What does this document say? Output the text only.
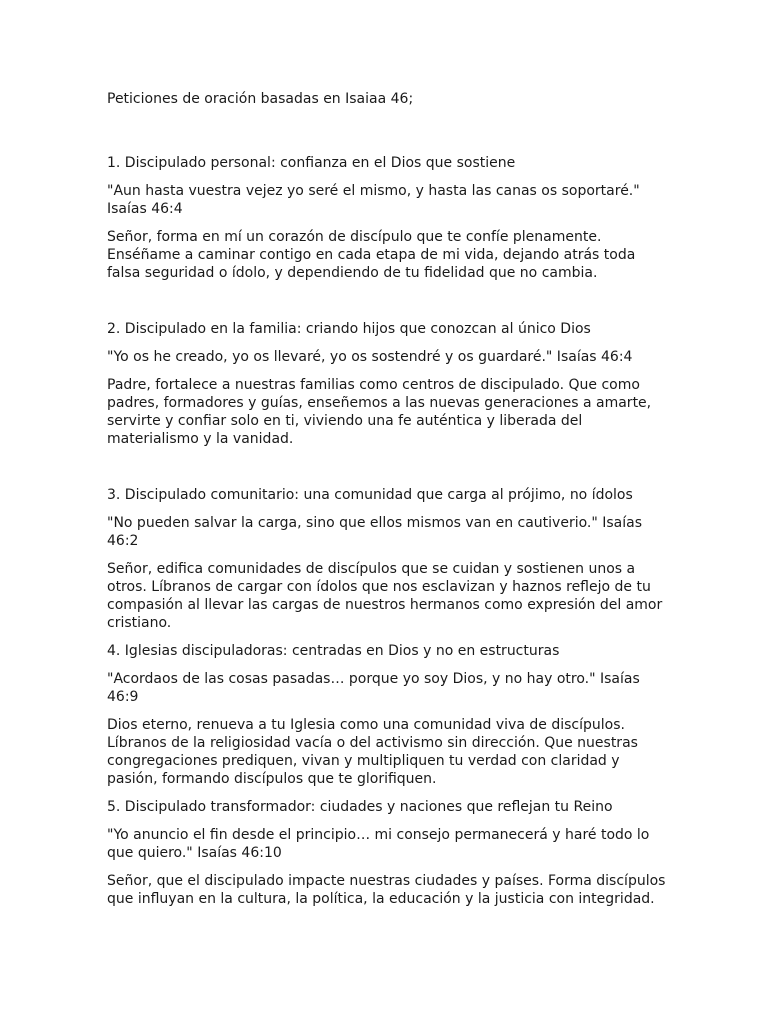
Peticiones de oración basadas en Isaiaa 46;

1. Discipulado personal: confianza en el Dios que sostiene

"Aun hasta vuestra vejez yo seré el mismo, y hasta las canas os soportaré." Isaías 46:4

Señor, forma en mí un corazón de discípulo que te confíe plenamente. Enséñame a caminar contigo en cada etapa de mi vida, dejando atrás toda falsa seguridad o ídolo, y dependiendo de tu fidelidad que no cambia.

2. Discipulado en la familia: criando hijos que conozcan al único Dios

"Yo os he creado, yo os llevaré, yo os sostendré y os guardaré." Isaías 46:4

Padre, fortalece a nuestras familias como centros de discipulado. Que como padres, formadores y guías, enseñemos a las nuevas generaciones a amarte, servirte y confiar solo en ti, viviendo una fe auténtica y liberada del materialismo y la vanidad.

3. Discipulado comunitario: una comunidad que carga al prójimo, no ídolos

"No pueden salvar la carga, sino que ellos mismos van en cautiverio." Isaías 46:2

Señor, edifica comunidades de discípulos que se cuidan y sostienen unos a otros. Líbranos de cargar con ídolos que nos esclavizan y haznos reflejo de tu compasión al llevar las cargas de nuestros hermanos como expresión del amor cristiano.

4. Iglesias discipuladoras: centradas en Dios y no en estructuras

"Acordaos de las cosas pasadas… porque yo soy Dios, y no hay otro." Isaías 46:9

Dios eterno, renueva a tu Iglesia como una comunidad viva de discípulos. Líbranos de la religiosidad vacía o del activismo sin dirección. Que nuestras congregaciones prediquen, vivan y multipliquen tu verdad con claridad y pasión, formando discípulos que te glorifiquen.

5. Discipulado transformador: ciudades y naciones que reflejan tu Reino

"Yo anuncio el fin desde el principio… mi consejo permanecerá y haré todo lo que quiero." Isaías 46:10

Señor, que el discipulado impacte nuestras ciudades y países. Forma discípulos que influyan en la cultura, la política, la educación y la justicia con integridad.
